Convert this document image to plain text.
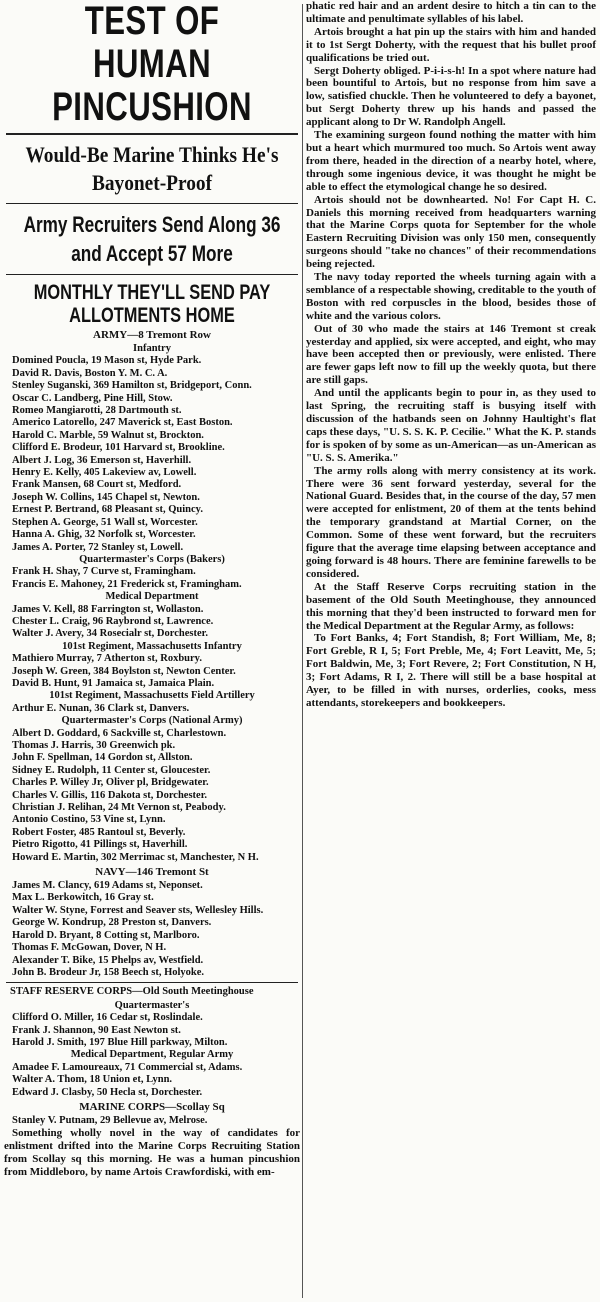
TEST OF HUMAN PINCUSHION
Would-Be Marine Thinks He's Bayonet-Proof
Army Recruiters Send Along 36 and Accept 57 More
MONTHLY THEY'LL SEND PAY ALLOTMENTS HOME
ARMY—8 Tremont Row
Infantry

Domined Poucla, 19 Mason st, Hyde Park.

David R. Davis, Boston Y. M. C. A.

Stenley Suganski, 369 Hamilton st, Bridgeport, Conn.

Oscar C. Landberg, Pine Hill, Stow.

Romeo Mangiarotti, 28 Dartmouth st.

Americo Latorello, 247 Maverick st, East Boston.

Harold C. Marble, 59 Walnut st, Brockton.

Clifford E. Brodeur, 101 Harvard st, Brookline.

Albert J. Log, 36 Emerson st, Haverhill.

Henry E. Kelly, 405 Lakeview av, Lowell.

Frank Mansen, 68 Court st, Medford.

Joseph W. Collins, 145 Chapel st, Newton.

Ernest P. Bertrand, 68 Pleasant st, Quincy.

Stephen A. George, 51 Wall st, Worcester.

Hanna A. Ghig, 32 Norfolk st, Worcester.

James A. Porter, 72 Stanley st, Lowell.

Quartermaster's Corps (Bakers)

Frank H. Shay, 7 Curve st, Framingham.

Francis E. Mahoney, 21 Frederick st, Framingham.

Medical Department

James V. Kell, 88 Farrington st, Wollaston.

Chester L. Craig, 96 Raybrond st, Lawrence.

Walter J. Avery, 34 Rosecialr st, Dorchester.

101st Regiment, Massachusetts Infantry

Mathiero Murray, 7 Atherton st, Roxbury.

Joseph W. Green, 384 Boylston st, Newton Center.

David B. Hunt, 91 Jamaica st, Jamaica Plain.

101st Regiment, Massachusetts Field Artillery

Arthur E. Nunan, 36 Clark st, Danvers.

Quartermaster's Corps (National Army)

Albert D. Goddard, 6 Sackville st, Charlestown.

Thomas J. Harris, 30 Greenwich pk.

John F. Spellman, 14 Gordon st, Allston.

Sidney E. Rudolph, 11 Center st, Gloucester.

Charles P. Willey Jr, Oliver pl, Bridgewater.

Charles V. Gillis, 116 Dakota st, Dorchester.

Christian J. Relihan, 24 Mt Vernon st, Peabody.

Antonio Costino, 53 Vine st, Lynn.

Robert Foster, 485 Rantoul st, Beverly.

Pietro Rigotto, 41 Pillings st, Haverhill.

Howard E. Martin, 302 Merrimac st, Manchester, N H.

NAVY—146 Tremont St

James M. Clancy, 619 Adams st, Neponset.

Max L. Berkowitch, 16 Gray st.

Walter W. Styne, Forrest and Seaver sts, Wellesley Hills.

George W. Kondrup, 28 Preston st, Danvers.

Harold D. Bryant, 8 Cotting st, Marlboro.

Thomas F. McGowan, Dover, N H.

Alexander T. Bike, 15 Phelps av, Westfield.

John B. Brodeur Jr, 158 Beech st, Holyoke.

STAFF RESERVE CORPS—Old South Meetinghouse
Quartermaster's

Clifford O. Miller, 16 Cedar st, Roslindale.

Frank J. Shannon, 90 East Newton st.

Harold J. Smith, 197 Blue Hill parkway, Milton.

Medical Department, Regular Army

Amadee F. Lamoureaux, 71 Commercial st, Adams.

Walter A. Thom, 18 Union et, Lynn.

Edward J. Clasby, 50 Hecla st, Dorchester.

MARINE CORPS—Scollay Sq

Stanley V. Putnam, 29 Bellevue av, Melrose.

Something wholly novel in the way of candidates for enlistment drifted into the Marine Corps Recruiting Station from Scollay sq this morning. He was a human pincushion from Middleboro, by name Artois Crawfordiski, with em-

phatic red hair and an ardent desire to hitch a tin can to the ultimate and penultimate syllables of his label.

Artois brought a hat pin up the stairs with him and handed it to 1st Sergt Doherty, with the request that his bullet proof qualifications be tried out.

Sergt Doherty obliged. P-i-i-s-h! In a spot where nature had been bountiful to Artois, but no response from him save a low, satisfied chuckle. Then he volunteered to defy a bayonet, but Sergt Doherty threw up his hands and passed the applicant along to Dr W. Randolph Angell.

The examining surgeon found nothing the matter with him but a heart which murmured too much. So Artois went away from there, headed in the direction of a nearby hotel, where, through some ingenious device, it was thought he might be able to effect the etymological change he so desired.

Artois should not be downhearted. No! For Capt H. C. Daniels this morning received from headquarters warning that the Marine Corps quota for September for the whole Eastern Recruiting Division was only 150 men, consequently surgeons should "take no chances" of their recommendations being rejected.

The navy today reported the wheels turning again with a semblance of a respectable showing, creditable to the youth of Boston with red corpuscles in the blood, besides those of white and the various colors.

Out of 30 who made the stairs at 146 Tremont st creak yesterday and applied, six were accepted, and eight, who may have been accepted then or previously, were enlisted. There are fewer gaps left now to fill up the weekly quota, but there are still gaps.

And until the applicants begin to pour in, as they used to last Spring, the recruiting staff is busying itself with discussion of the hatbands seen on Johnny Haultight's flat caps these days, "U. S. S. K. P. Cecilie." What the K. P. stands for is spoken of by some as un-American—as un-American as "U. S. S. Amerika."

The army rolls along with merry consistency at its work. There were 36 sent forward yesterday, several for the National Guard. Besides that, in the course of the day, 57 men were accepted for enlistment, 20 of them at the tents behind the temporary grandstand at Martial Corner, on the Common. Some of these went forward, but the recruiters figure that the average time elapsing between acceptance and going forward is 48 hours. There are feminine farewells to be considered.

At the Staff Reserve Corps recruiting station in the basement of the Old South Meetinghouse, they announced this morning that they'd been instructed to forward men for the Medical Department at the Regular Army, as follows:

To Fort Banks, 4; Fort Standish, 8; Fort William, Me, 8; Fort Greble, R I, 5; Fort Preble, Me, 4; Fort Leavitt, Me, 5; Fort Baldwin, Me, 3; Fort Revere, 2; Fort Constitution, N H, 3; Fort Adams, R I, 2. There will still be a base hospital at Ayer, to be filled in with nurses, orderlies, cooks, mess attendants, storekeepers and bookkeepers.
